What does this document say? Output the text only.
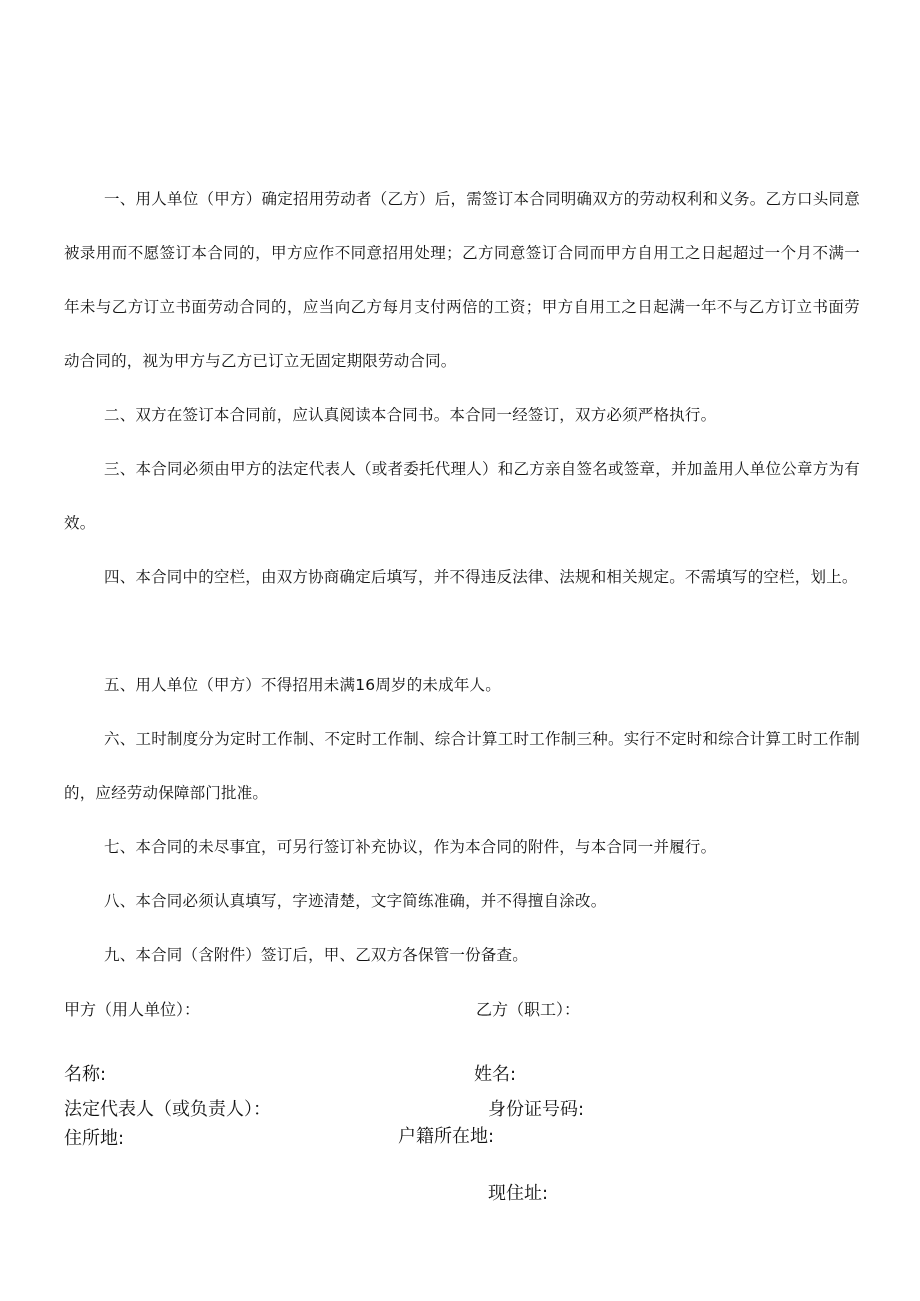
一、用人单位（甲方）确定招用劳动者（乙方）后，需签订本合同明确双方的劳动权利和义务。乙方口头同意被录用而不愿签订本合同的，甲方应作不同意招用处理；乙方同意签订合同而甲方自用工之日起超过一个月不满一年未与乙方订立书面劳动合同的，应当向乙方每月支付两倍的工资；甲方自用工之日起满一年不与乙方订立书面劳动合同的，视为甲方与乙方已订立无固定期限劳动合同。

二、双方在签订本合同前，应认真阅读本合同书。本合同一经签订，双方必须严格执行。

三、本合同必须由甲方的法定代表人（或者委托代理人）和乙方亲自签名或签章，并加盖用人单位公章方为有效。

四、本合同中的空栏，由双方协商确定后填写，并不得违反法律、法规和相关规定。不需填写的空栏，划上。

五、用人单位（甲方）不得招用未满16周岁的未成年人。

六、工时制度分为定时工作制、不定时工作制、综合计算工时工作制三种。实行不定时和综合计算工时工作制的，应经劳动保障部门批准。

七、本合同的未尽事宜，可另行签订补充协议，作为本合同的附件，与本合同一并履行。

八、本合同必须认真填写，字迹清楚，文字简练准确，并不得擅自涂改。

九、本合同（含附件）签订后，甲、乙双方各保管一份备查。

甲方（用人单位）：	乙方（职工）：
名称:	姓名:
法定代表人（或负责人）：	身份证号码:
住所地:	户籍所在地:
现住址:
